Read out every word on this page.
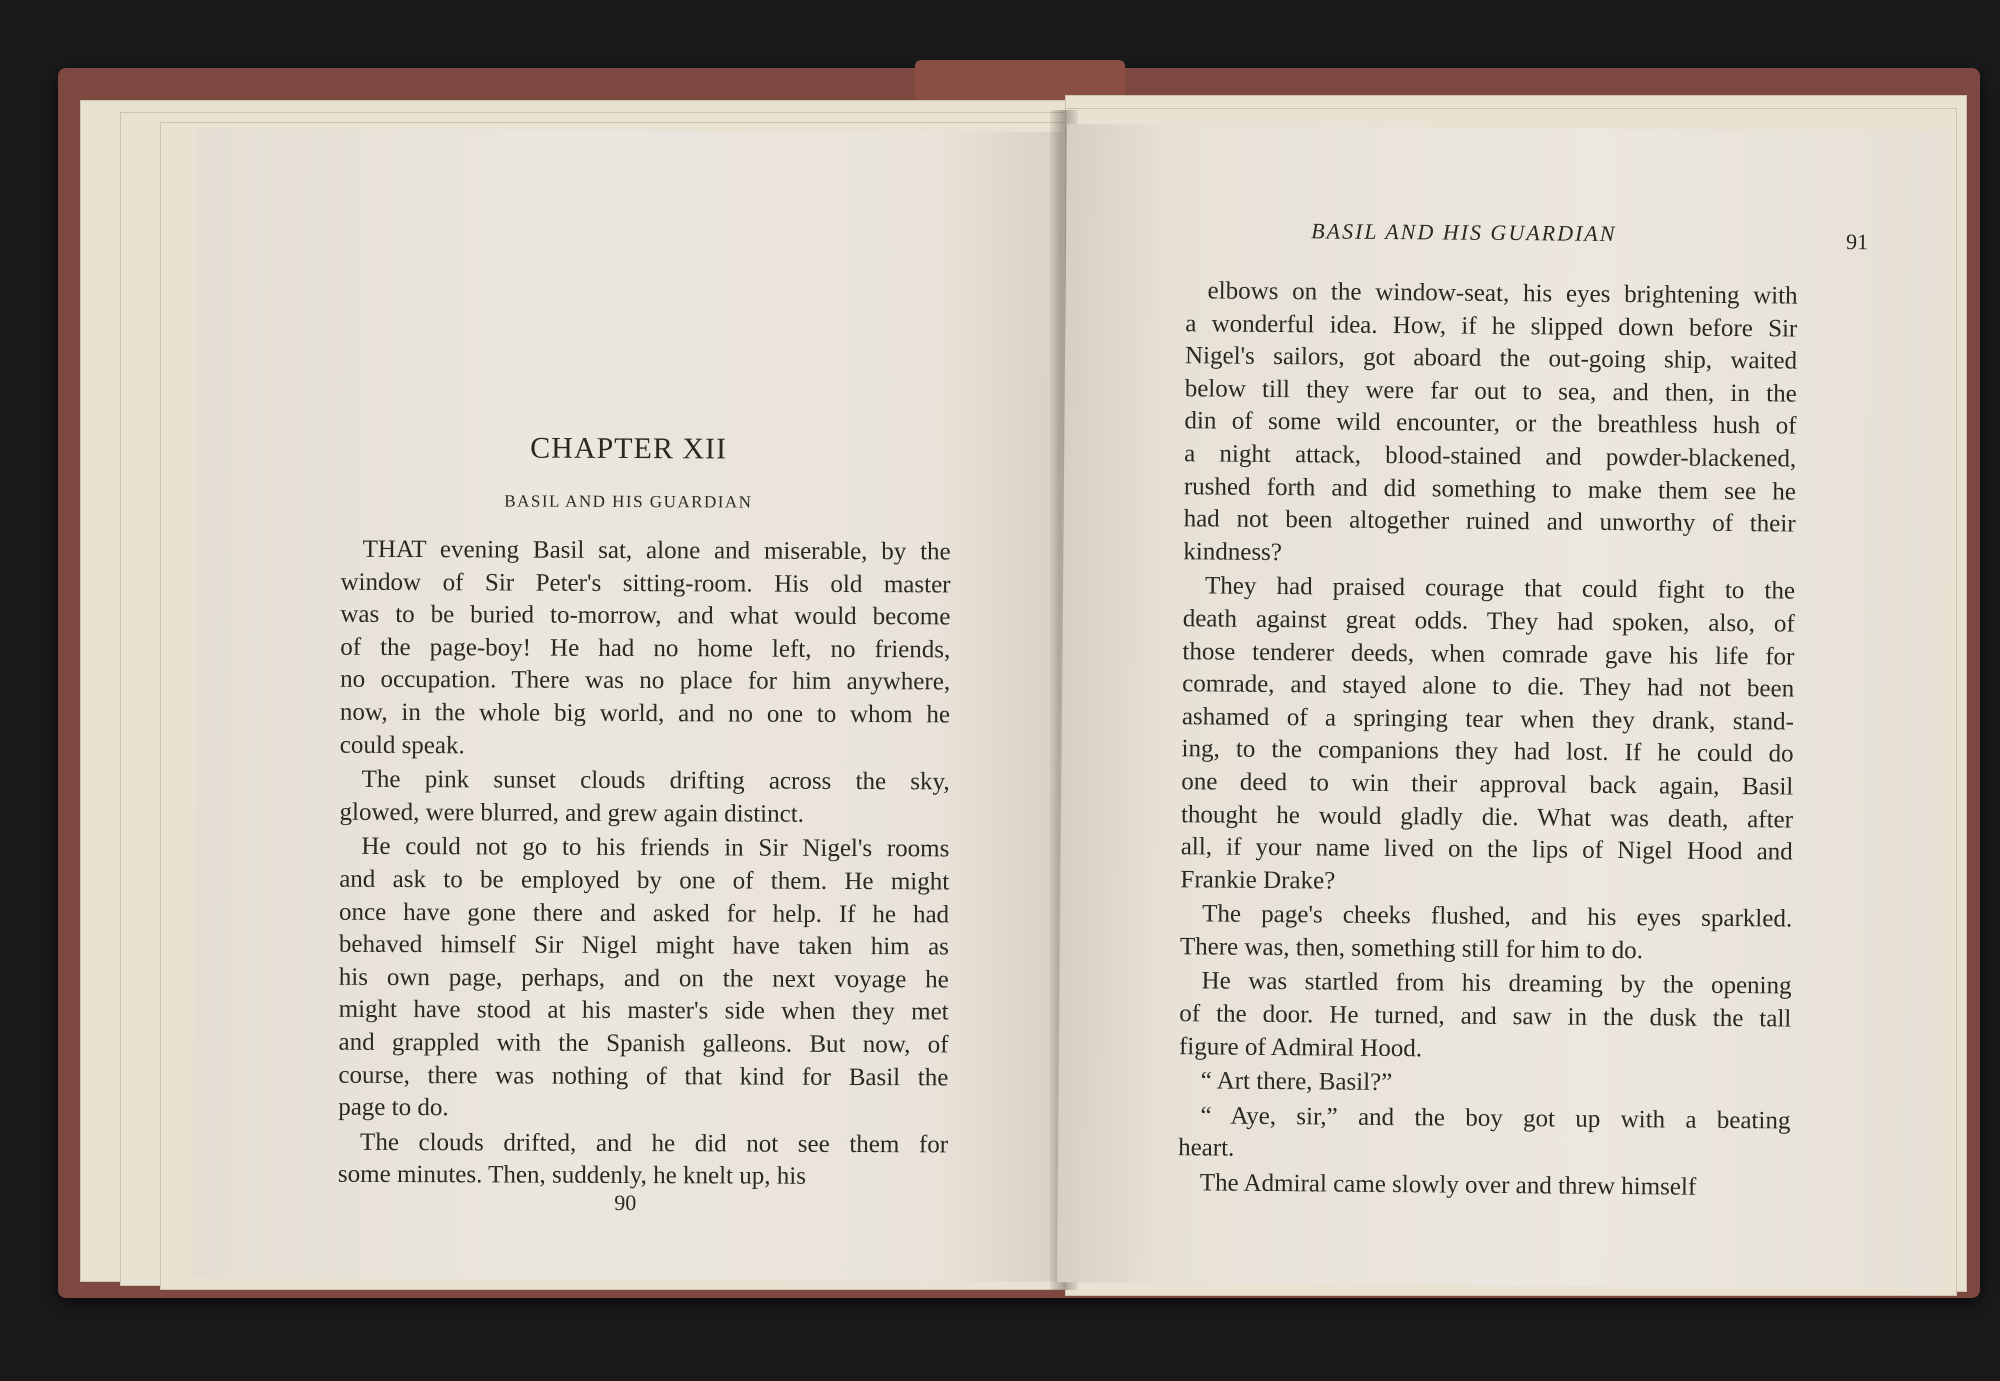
CHAPTER XII
BASIL AND HIS GUARDIAN
THAT evening Basil sat, alone and miserable, by the
window of Sir Peter's sitting-room. His old master
was to be buried to-morrow, and what would become
of the page-boy! He had no home left, no friends,
no occupation. There was no place for him anywhere,
now, in the whole big world, and no one to whom he
could speak.
The pink sunset clouds drifting across the sky,
glowed, were blurred, and grew again distinct.
He could not go to his friends in Sir Nigel's rooms
and ask to be employed by one of them. He might
once have gone there and asked for help. If he had
behaved himself Sir Nigel might have taken him as
his own page, perhaps, and on the next voyage he
might have stood at his master's side when they met
and grappled with the Spanish galleons. But now, of
course, there was nothing of that kind for Basil the
page to do.
The clouds drifted, and he did not see them for
some minutes. Then, suddenly, he knelt up, his
90
BASIL AND HIS GUARDIAN	91
elbows on the window-seat, his eyes brightening with
a wonderful idea. How, if he slipped down before Sir
Nigel's sailors, got aboard the out-going ship, waited
below till they were far out to sea, and then, in the
din of some wild encounter, or the breathless hush of
a night attack, blood-stained and powder-blackened,
rushed forth and did something to make them see he
had not been altogether ruined and unworthy of their
kindness?
They had praised courage that could fight to the
death against great odds. They had spoken, also, of
those tenderer deeds, when comrade gave his life for
comrade, and stayed alone to die. They had not been
ashamed of a springing tear when they drank, stand-
ing, to the companions they had lost. If he could do
one deed to win their approval back again, Basil
thought he would gladly die. What was death, after
all, if your name lived on the lips of Nigel Hood and
Frankie Drake?
The page's cheeks flushed, and his eyes sparkled.
There was, then, something still for him to do.
He was startled from his dreaming by the opening
of the door. He turned, and saw in the dusk the tall
figure of Admiral Hood.
“ Art there, Basil?”
“ Aye, sir,” and the boy got up with a beating
heart.
The Admiral came slowly over and threw himself
